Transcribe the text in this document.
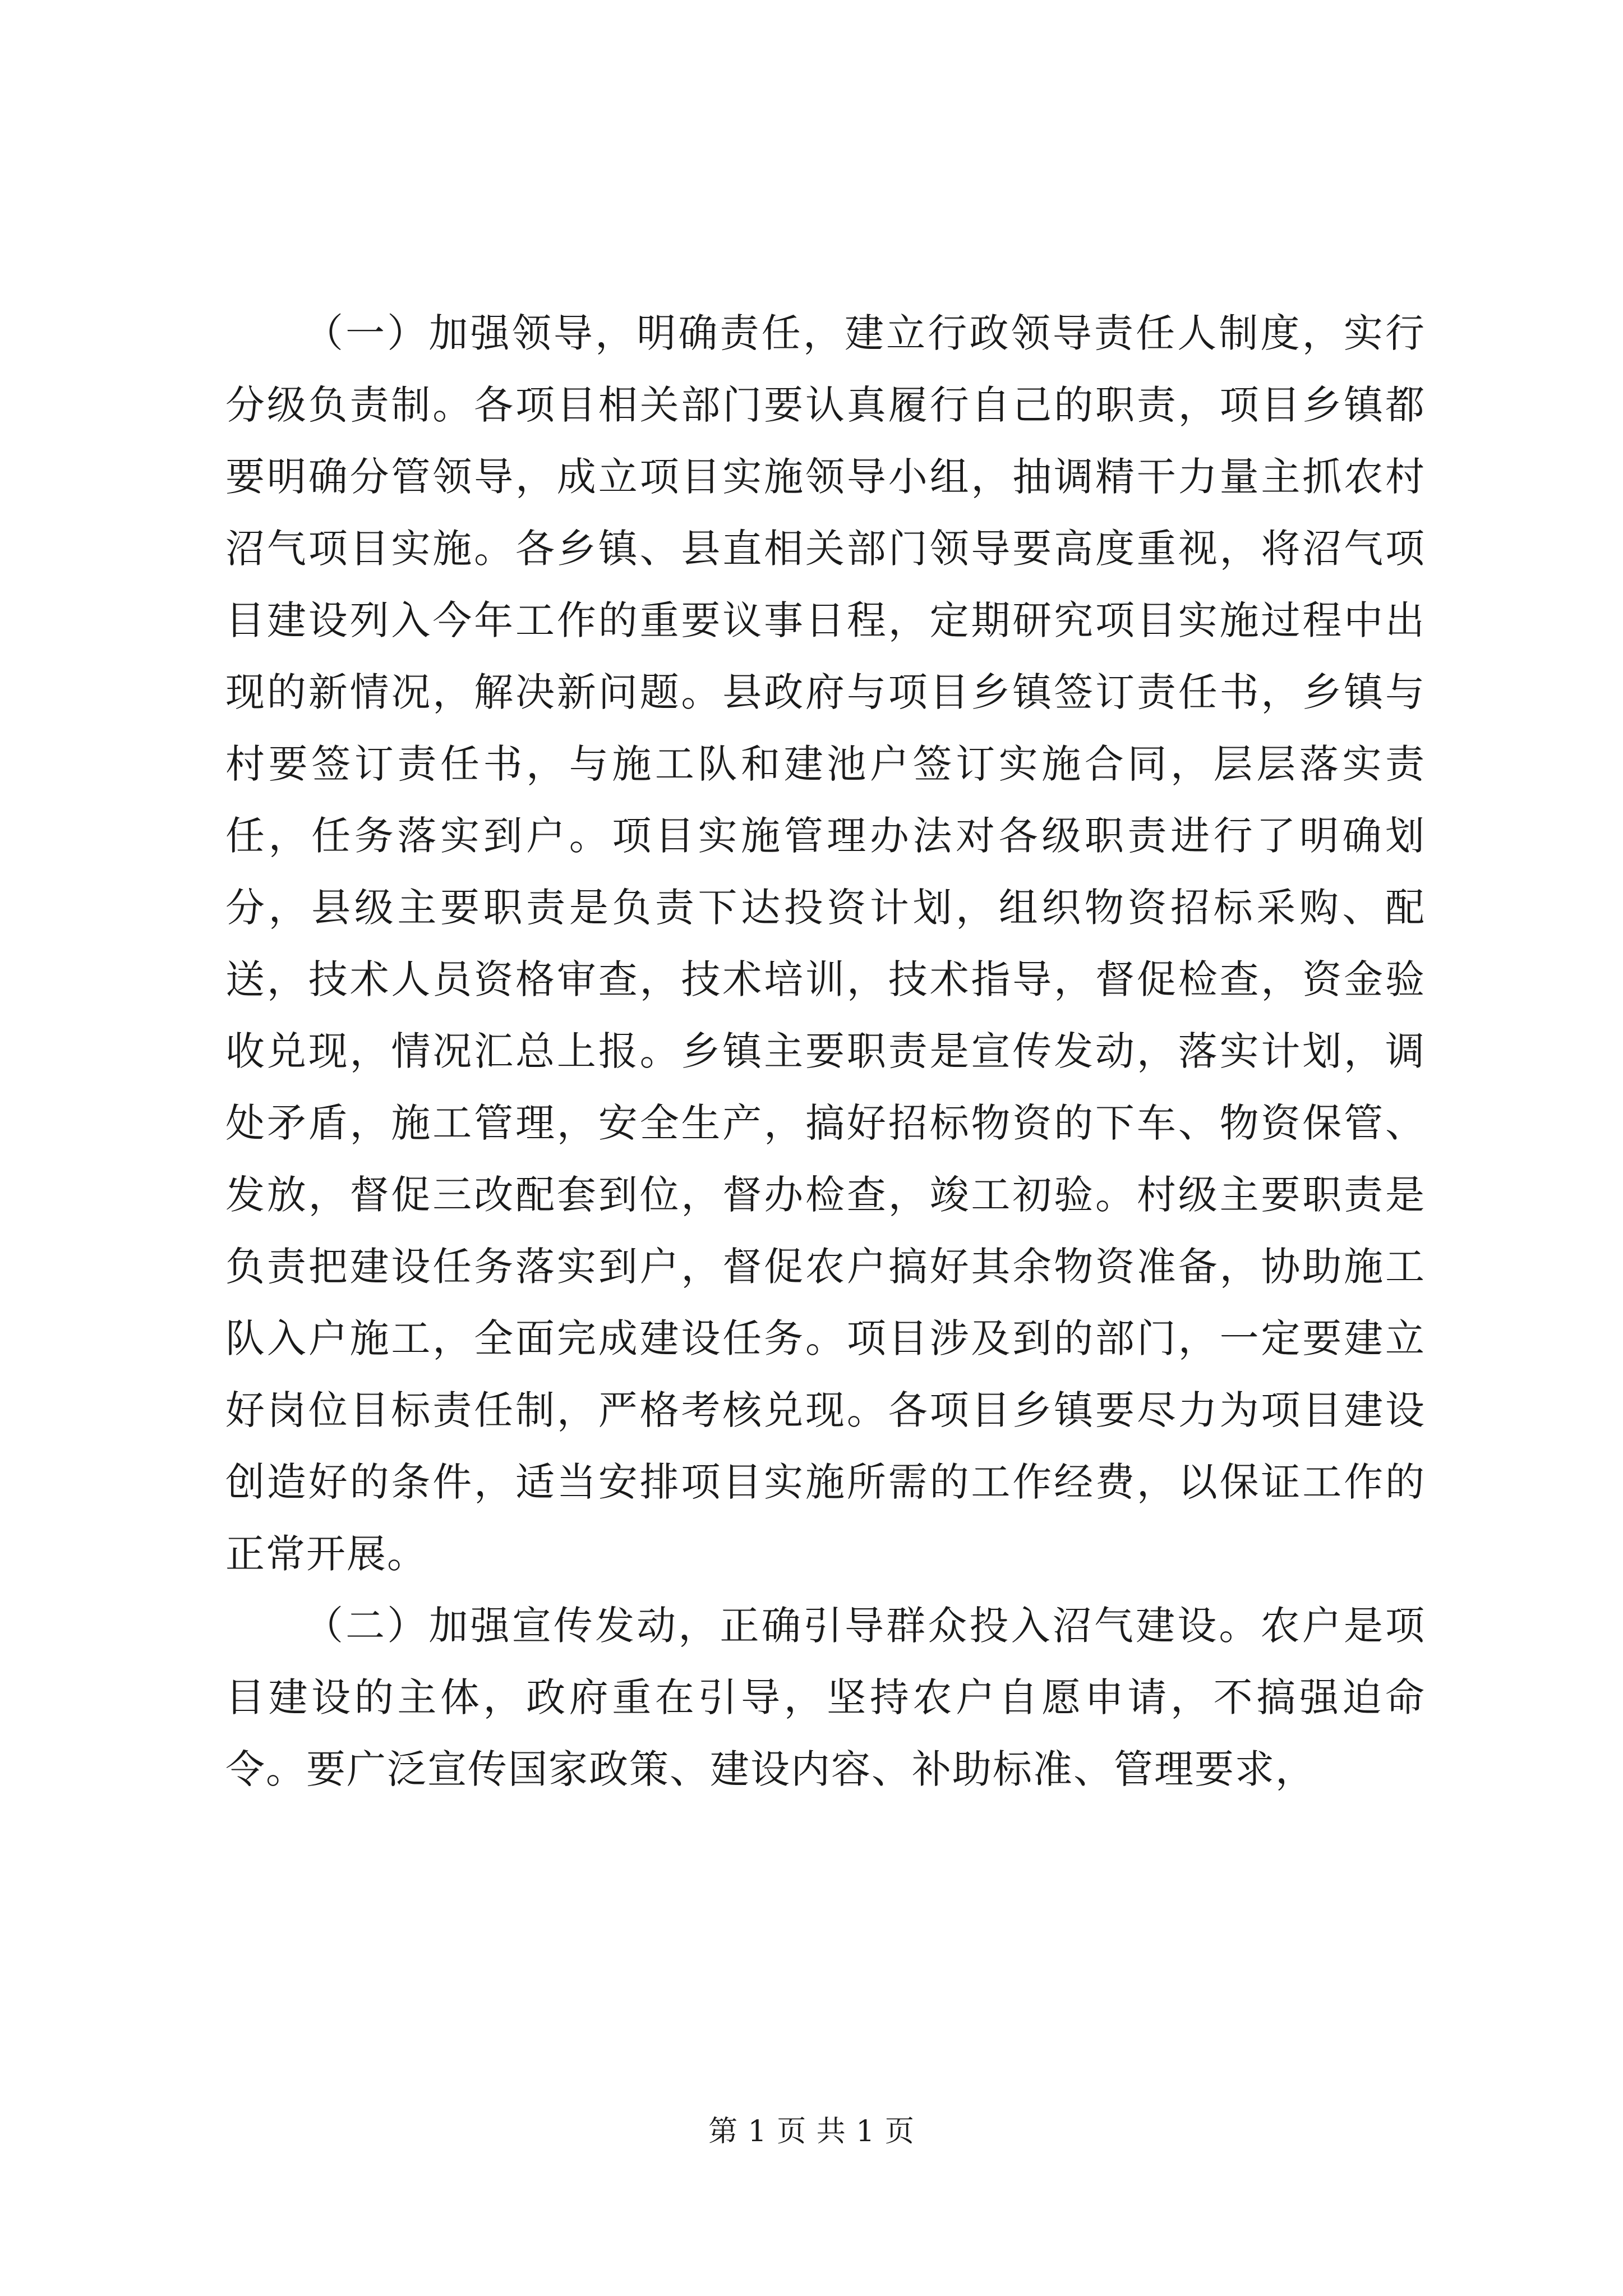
（一）加强领导，明确责任，建立行政领导责任人制度，实行分级负责制。各项目相关部门要认真履行自己的职责，项目乡镇都要明确分管领导，成立项目实施领导小组，抽调精干力量主抓农村沼气项目实施。各乡镇、县直相关部门领导要高度重视，将沼气项目建设列入今年工作的重要议事日程，定期研究项目实施过程中出现的新情况，解决新问题。县政府与项目乡镇签订责任书，乡镇与村要签订责任书，与施工队和建池户签订实施合同，层层落实责任，任务落实到户。项目实施管理办法对各级职责进行了明确划分，县级主要职责是负责下达投资计划，组织物资招标采购、配送，技术人员资格审查，技术培训，技术指导，督促检查，资金验收兑现，情况汇总上报。乡镇主要职责是宣传发动，落实计划，调处矛盾，施工管理，安全生产，搞好招标物资的下车、物资保管、发放，督促三改配套到位，督办检查，竣工初验。村级主要职责是负责把建设任务落实到户，督促农户搞好其余物资准备，协助施工队入户施工，全面完成建设任务。项目涉及到的部门，一定要建立好岗位目标责任制，严格考核兑现。各项目乡镇要尽力为项目建设创造好的条件，适当安排项目实施所需的工作经费，以保证工作的正常开展。

（二）加强宣传发动，正确引导群众投入沼气建设。农户是项目建设的主体，政府重在引导，坚持农户自愿申请，不搞强迫命令。要广泛宣传国家政策、建设内容、补助标准、管理要求，

第 1 页 共 1 页
